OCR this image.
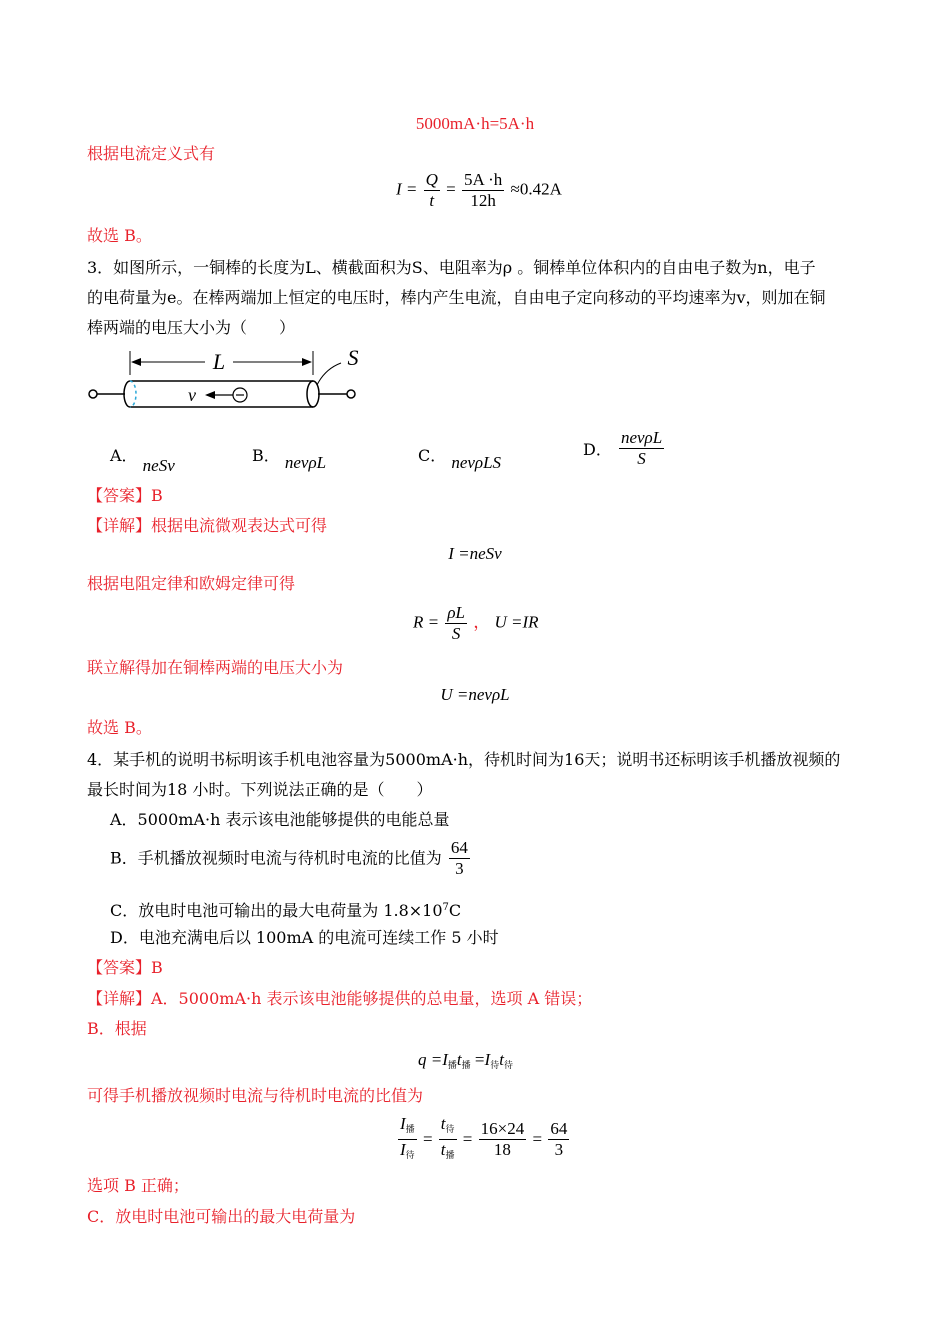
5000mA·h=5A·h
根据电流定义式有
$I = \frac{Q}{t} = \frac{5A \cdot h}{12h} \approx 0.42A$
故选 B。
3．如图所示，一铜棒的长度为L、横截面积为S、电阻率为ρ 。铜棒单位体积内的自由电子数为n，电子
的电荷量为e。在棒两端加上恒定的电压时，棒内产生电流，自由电子定向移动的平均速率为v，则加在铜
棒两端的电压大小为（　　）
L	S
v
A． neSv
B． nevρL	C． nevρLS
D． $\frac{\text{nevρL}}{S}$
【答案】B
【详解】根据电流微观表达式可得
I =neSv
根据电阻定律和欧姆定律可得
$R = \frac{\rho L}{S}$ ， U =IR
联立解得加在铜棒两端的电压大小为
U =nevρL
故选 B。
4．某手机的说明书标明该手机电池容量为5000mA·h，待机时间为16天；说明书还标明该手机播放视频的
最长时间为18 小时。下列说法正确的是（　　）
A．5000mA·h 表示该电池能够提供的电能总量
B．手机播放视频时电流与待机时电流的比值为 $\frac{64}{3}$
C．放电时电池可输出的最大电荷量为 $1.8\times 10^7C$
D．电池充满电后以 100mA 的电流可连续工作 5 小时
【答案】B
【详解】A．5000mA·h 表示该电池能够提供的总电量，选项 A 错误；
B．根据
$q =I_播t_播 =I_待t_待$
可得手机播放视频时电流与待机时电流的比值为
$\frac{I_播}{I_待} = \frac{t_待}{t_播} = \frac{16\times 24}{18} = \frac{64}{3}$
选项 B 正确；
C．放电时电池可输出的最大电荷量为
